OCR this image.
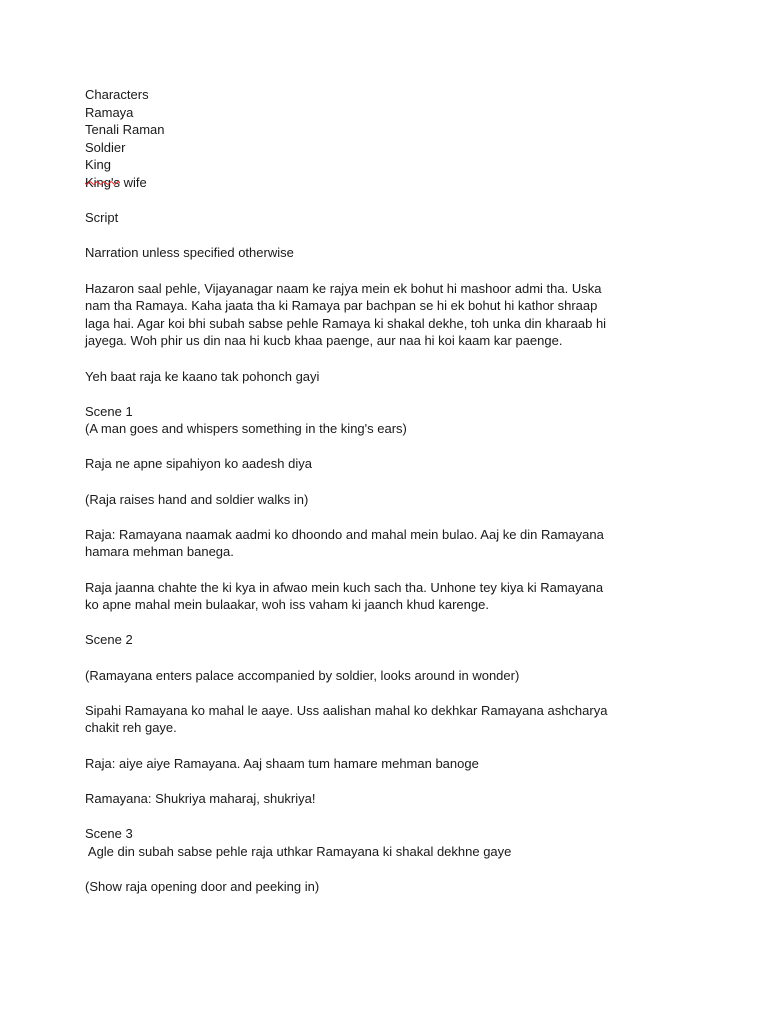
Characters
Ramaya
Tenali Raman
Soldier
King
King's wife
Script
Narration unless specified otherwise
Hazaron saal pehle, Vijayanagar naam ke rajya mein ek bohut hi mashoor admi tha. Uska
nam tha Ramaya. Kaha jaata tha ki Ramaya par bachpan se hi ek bohut hi kathor shraap
laga hai. Agar koi bhi subah sabse pehle Ramaya ki shakal dekhe, toh unka din kharaab hi
jayega. Woh phir us din naa hi kucb khaa paenge, aur naa hi koi kaam kar paenge.
Yeh baat raja ke kaano tak pohonch gayi
Scene 1
(A man goes and whispers something in the king's ears)
Raja ne apne sipahiyon ko aadesh diya
(Raja raises hand and soldier walks in)
Raja: Ramayana naamak aadmi ko dhoondo and mahal mein bulao. Aaj ke din Ramayana
hamara mehman banega.
Raja jaanna chahte the ki kya in afwao mein kuch sach tha. Unhone tey kiya ki Ramayana
ko apne mahal mein bulaakar, woh iss vaham ki jaanch khud karenge.
Scene 2
(Ramayana enters palace accompanied by soldier, looks around in wonder)
Sipahi Ramayana ko mahal le aaye. Uss aalishan mahal ko dekhkar Ramayana ashcharya
chakit reh gaye.
Raja: aiye aiye Ramayana. Aaj shaam tum hamare mehman banoge
Ramayana: Shukriya maharaj, shukriya!
Scene 3
Agle din subah sabse pehle raja uthkar Ramayana ki shakal dekhne gaye
(Show raja opening door and peeking in)
